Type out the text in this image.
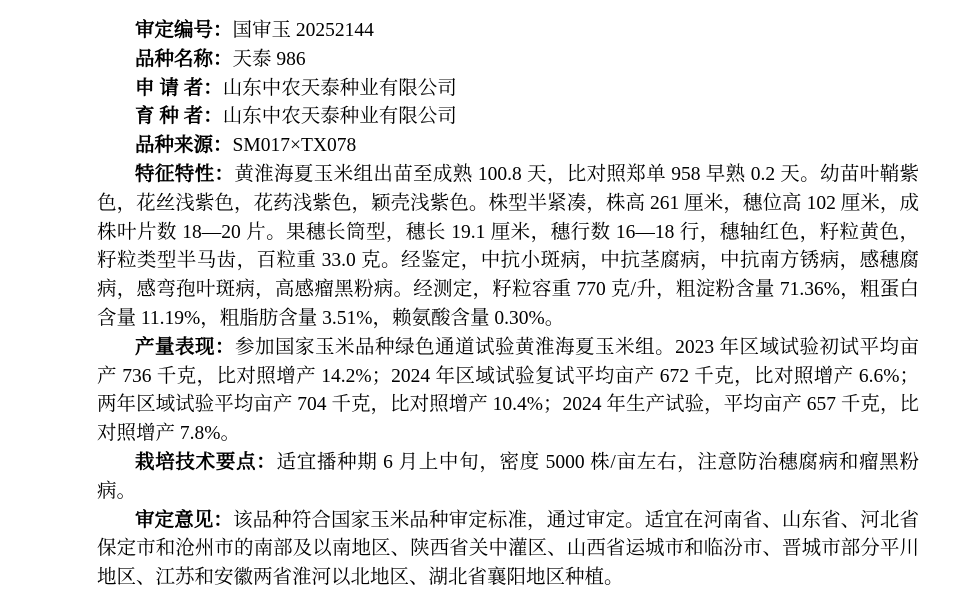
审定编号：国审玉 20252144

品种名称：天泰 986

申 请 者：山东中农天泰种业有限公司

育 种 者：山东中农天泰种业有限公司

品种来源：SM017×TX078

特征特性：黄淮海夏玉米组出苗至成熟 100.8 天，比对照郑单 958 早熟 0.2 天。幼苗叶鞘紫色，花丝浅紫色，花药浅紫色，颖壳浅紫色。株型半紧凑，株高 261 厘米，穗位高 102 厘米，成株叶片数 18—20 片。果穗长筒型，穗长 19.1 厘米，穗行数 16—18 行，穗轴红色，籽粒黄色，籽粒类型半马齿，百粒重 33.0 克。经鉴定，中抗小斑病，中抗茎腐病，中抗南方锈病，感穗腐病，感弯孢叶斑病，高感瘤黑粉病。经测定，籽粒容重 770 克/升，粗淀粉含量 71.36%，粗蛋白含量 11.19%，粗脂肪含量 3.51%，赖氨酸含量 0.30%。

产量表现：参加国家玉米品种绿色通道试验黄淮海夏玉米组。2023 年区域试验初试平均亩产 736 千克，比对照增产 14.2%；2024 年区域试验复试平均亩产 672 千克，比对照增产 6.6%；两年区域试验平均亩产 704 千克，比对照增产 10.4%；2024 年生产试验，平均亩产 657 千克，比对照增产 7.8%。

栽培技术要点：适宜播种期 6 月上中旬，密度 5000 株/亩左右，注意防治穗腐病和瘤黑粉病。

审定意见：该品种符合国家玉米品种审定标准，通过审定。适宜在河南省、山东省、河北省保定市和沧州市的南部及以南地区、陕西省关中灌区、山西省运城市和临汾市、晋城市部分平川地区、江苏和安徽两省淮河以北地区、湖北省襄阳地区种植。
